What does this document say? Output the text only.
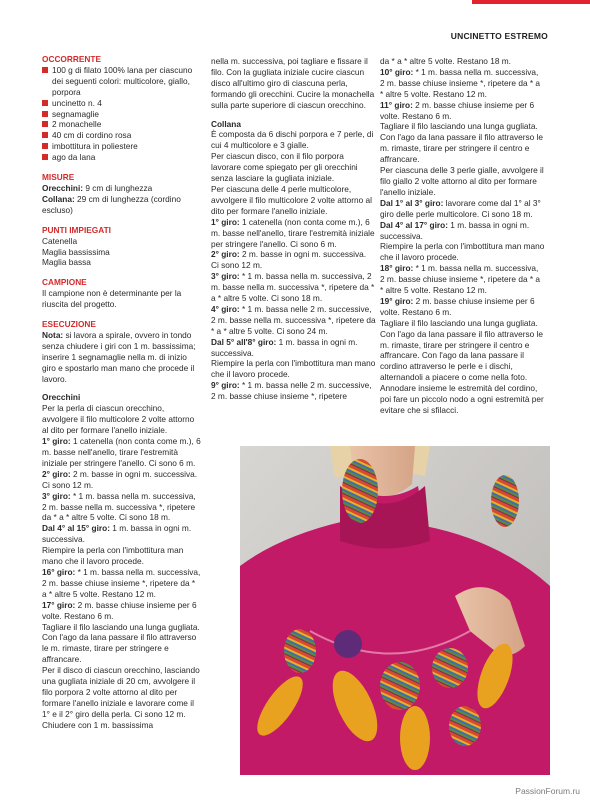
UNCINETTO ESTREMO
OCCORRENTE
100 g di filato 100% lana per ciascuno dei seguenti colori: multicolore, giallo, porpora
uncinetto n. 4
segnamaglie
2 monachelle
40 cm di cordino rosa
imbottitura in poliestere
ago da lana
MISURE

Orecchini: 9 cm di lunghezza

Collana: 29 cm di lunghezza (cordino escluso)

PUNTI IMPIEGATI

Catenella

Maglia bassissima

Maglia bassa

CAMPIONE

Il campione non è determinante per la riuscita del progetto.

ESECUZIONE

Nota: si lavora a spirale, ovvero in tondo senza chiudere i giri con 1 m. bassissima; inserire 1 segnamaglie nella m. di inizio giro e spostarlo man mano che procede il lavoro.

Orecchini

Per la perla di ciascun orecchino, avvolgere il filo multicolore 2 volte attorno al dito per formare l'anello iniziale.

1° giro: 1 catenella (non conta come m.), 6 m. basse nell'anello, tirare l'estremità iniziale per stringere l'anello. Ci sono 6 m.

2° giro: 2 m. basse in ogni m. successiva. Ci sono 12 m.

3° giro: * 1 m. bassa nella m. successiva, 2 m. basse nella m. successiva *, ripetere da * a * altre 5 volte. Ci sono 18 m.

Dal 4° al 15° giro: 1 m. bassa in ogni m. successiva.

Riempire la perla con l'imbottitura man mano che il lavoro procede.

16° giro: * 1 m. bassa nella m. successiva, 2 m. basse chiuse insieme *, ripetere da * a * altre 5 volte. Restano 12 m.

17° giro: 2 m. basse chiuse insieme per 6 volte. Restano 6 m.

Tagliare il filo lasciando una lunga gugliata. Con l'ago da lana passare il filo attraverso le m. rimaste, tirare per stringere e affrancare.

Per il disco di ciascun orecchino, lasciando una gugliata iniziale di 20 cm, avvolgere il filo porpora 2 volte attorno al dito per formare l'anello iniziale e lavorare come il 1° e il 2° giro della perla. Ci sono 12 m. Chiudere con 1 m. bassissima

nella m. successiva, poi tagliare e fissare il filo. Con la gugliata iniziale cucire ciascun disco all'ultimo giro di ciascuna perla, formando gli orecchini. Cucire la monachella sulla parte superiore di ciascun orecchino.

Collana

È composta da 6 dischi porpora e 7 perle, di cui 4 multicolore e 3 gialle.

Per ciascun disco, con il filo porpora lavorare come spiegato per gli orecchini senza lasciare la gugliata iniziale.

Per ciascuna delle 4 perle multicolore, avvolgere il filo multicolore 2 volte attorno al dito per formare l'anello iniziale.

1° giro: 1 catenella (non conta come m.), 6 m. basse nell'anello, tirare l'estremità iniziale per stringere l'anello. Ci sono 6 m.

2° giro: 2 m. basse in ogni m. successiva. Ci sono 12 m.

3° giro: * 1 m. bassa nella m. successiva, 2 m. basse nella m. successiva *, ripetere da * a * altre 5 volte. Ci sono 18 m.

4° giro: * 1 m. bassa nelle 2 m. successive, 2 m. basse nella m. successiva *, ripetere da * a * altre 5 volte. Ci sono 24 m.

Dal 5° all'8° giro: 1 m. bassa in ogni m. successiva.

Riempire la perla con l'imbottitura man mano che il lavoro procede.

9° giro: * 1 m. bassa nelle 2 m. successive, 2 m. basse chiuse insieme *, ripetere

da * a * altre 5 volte. Restano 18 m.

10° giro: * 1 m. bassa nella m. successiva, 2 m. basse chiuse insieme *, ripetere da * a * altre 5 volte. Restano 12 m.

11° giro: 2 m. basse chiuse insieme per 6 volte. Restano 6 m.

Tagliare il filo lasciando una lunga gugliata. Con l'ago da lana passare il filo attraverso le m. rimaste, tirare per stringere il centro e affrancare.

Per ciascuna delle 3 perle gialle, avvolgere il filo giallo 2 volte attorno al dito per formare l'anello iniziale.

Dal 1° al 3° giro: lavorare come dal 1° al 3° giro delle perle multicolore. Ci sono 18 m.

Dal 4° al 17° giro: 1 m. bassa in ogni m. successiva.

Riempire la perla con l'imbottitura man mano che il lavoro procede.

18° giro: * 1 m. bassa nella m. successiva, 2 m. basse chiuse insieme *, ripetere da * a * altre 5 volte. Restano 12 m.

19° giro: 2 m. basse chiuse insieme per 6 volte. Restano 6 m.

Tagliare il filo lasciando una lunga gugliata. Con l'ago da lana passare il filo attraverso le m. rimaste, tirare per stringere il centro e affrancare. Con l'ago da lana passare il cordino attraverso le perle e i dischi, alternandoli a piacere o come nella foto. Annodare insieme le estremità del cordino, poi fare un piccolo nodo a ogni estremità per evitare che si sfilacci.

PassionForum.ru
